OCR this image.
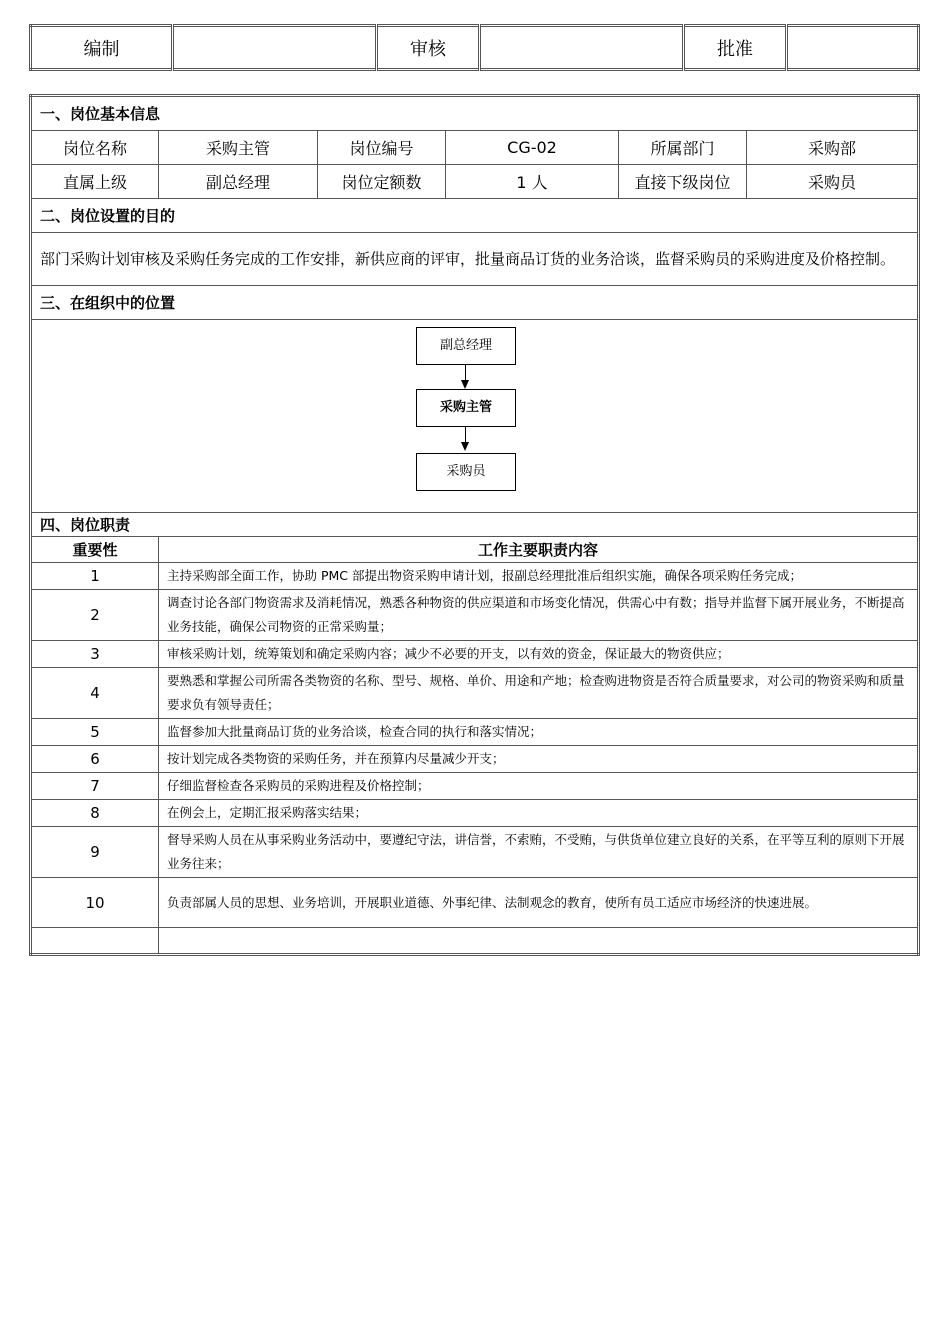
编制		审核		批准	
一、岗位基本信息					
岗位名称	采购主管	岗位编号	CG-02	所属部门	采购部
直属上级	副总经理	岗位定额数	1 人	直接下级岗位	采购员
二、岗位设置的目的					
部门采购计划审核及采购任务完成的工作安排，新供应商的评审，批量商品订货的业务洽谈，监督采购员的采购进度及价格控制。					
三、在组织中的位置					

副总经理
采购主管
采购员					

四、岗位职责					
重要性	工作主要职责内容				
1	主持采购部全面工作，协助 PMC 部提出物资采购申请计划，报副总经理批准后组织实施，确保各项采购任务完成；				
2	调查讨论各部门物资需求及消耗情况，熟悉各种物资的供应渠道和市场变化情况，供需心中有数；指导并监督下属开展业务，不断提高业务技能，确保公司物资的正常采购量；				
3	审核采购计划，统筹策划和确定采购内容；减少不必要的开支，以有效的资金，保证最大的物资供应；				
4	要熟悉和掌握公司所需各类物资的名称、型号、规格、单价、用途和产地；检查购进物资是否符合质量要求，对公司的物资采购和质量要求负有领导责任；				
5	监督参加大批量商品订货的业务洽谈，检查合同的执行和落实情况；				
6	按计划完成各类物资的采购任务，并在预算内尽量减少开支；				
7	仔细监督检查各采购员的采购进程及价格控制；				
8	在例会上，定期汇报采购落实结果；				
9	督导采购人员在从事采购业务活动中，要遵纪守法，讲信誉，不索贿，不受贿，与供货单位建立良好的关系，在平等互利的原则下开展业务往来；				
10	负责部属人员的思想、业务培训，开展职业道德、外事纪律、法制观念的教育，使所有员工适应市场经济的快速进展。				
